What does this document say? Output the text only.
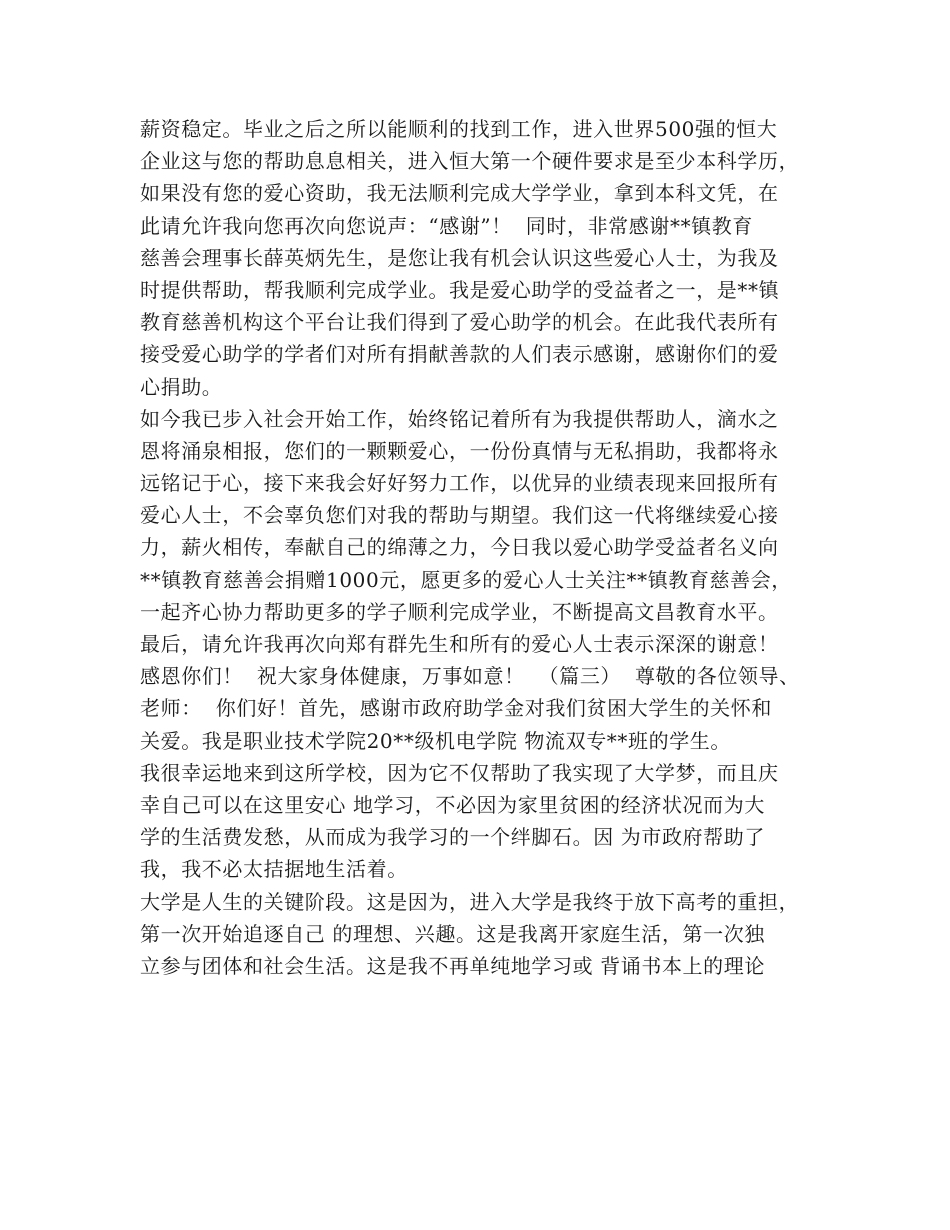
薪资稳定。毕业之后之所以能顺利的找到工作，进入世界500强的恒大
企业这与您的帮助息息相关，进入恒大第一个硬件要求是至少本科学历，
如果没有您的爱心资助，我无法顺利完成大学学业，拿到本科文凭，在
此请允许我向您再次向您说声：“感谢”！  同时，非常感谢**镇教育
慈善会理事长薛英炳先生，是您让我有机会认识这些爱心人士，为我及
时提供帮助，帮我顺利完成学业。我是爱心助学的受益者之一，是**镇
教育慈善机构这个平台让我们得到了爱心助学的机会。在此我代表所有
接受爱心助学的学者们对所有捐献善款的人们表示感谢，感谢你们的爱
心捐助。
如今我已步入社会开始工作，始终铭记着所有为我提供帮助人，滴水之
恩将涌泉相报，您们的一颗颗爱心，一份份真情与无私捐助，我都将永
远铭记于心，接下来我会好好努力工作，以优异的业绩表现来回报所有
爱心人士，不会辜负您们对我的帮助与期望。我们这一代将继续爱心接
力，薪火相传，奉献自己的绵薄之力，今日我以爱心助学受益者名义向
**镇教育慈善会捐赠1000元，愿更多的爱心人士关注**镇教育慈善会，
一起齐心协力帮助更多的学子顺利完成学业，不断提高文昌教育水平。
最后，请允许我再次向郑有群先生和所有的爱心人士表示深深的谢意！
感恩你们！  祝大家身体健康，万事如意！  （篇三）  尊敬的各位领导、
老师：  你们好！首先，感谢市政府助学金对我们贫困大学生的关怀和
关爱。我是职业技术学院20**级机电学院 物流双专**班的学生。
我很幸运地来到这所学校，因为它不仅帮助了我实现了大学梦，而且庆
幸自己可以在这里安心 地学习，不必因为家里贫困的经济状况而为大
学的生活费发愁，从而成为我学习的一个绊脚石。因 为市政府帮助了
我，我不必太拮据地生活着。
大学是人生的关键阶段。这是因为，进入大学是我终于放下高考的重担，
第一次开始追逐自己 的理想、兴趣。这是我离开家庭生活，第一次独
立参与团体和社会生活。这是我不再单纯地学习或 背诵书本上的理论
